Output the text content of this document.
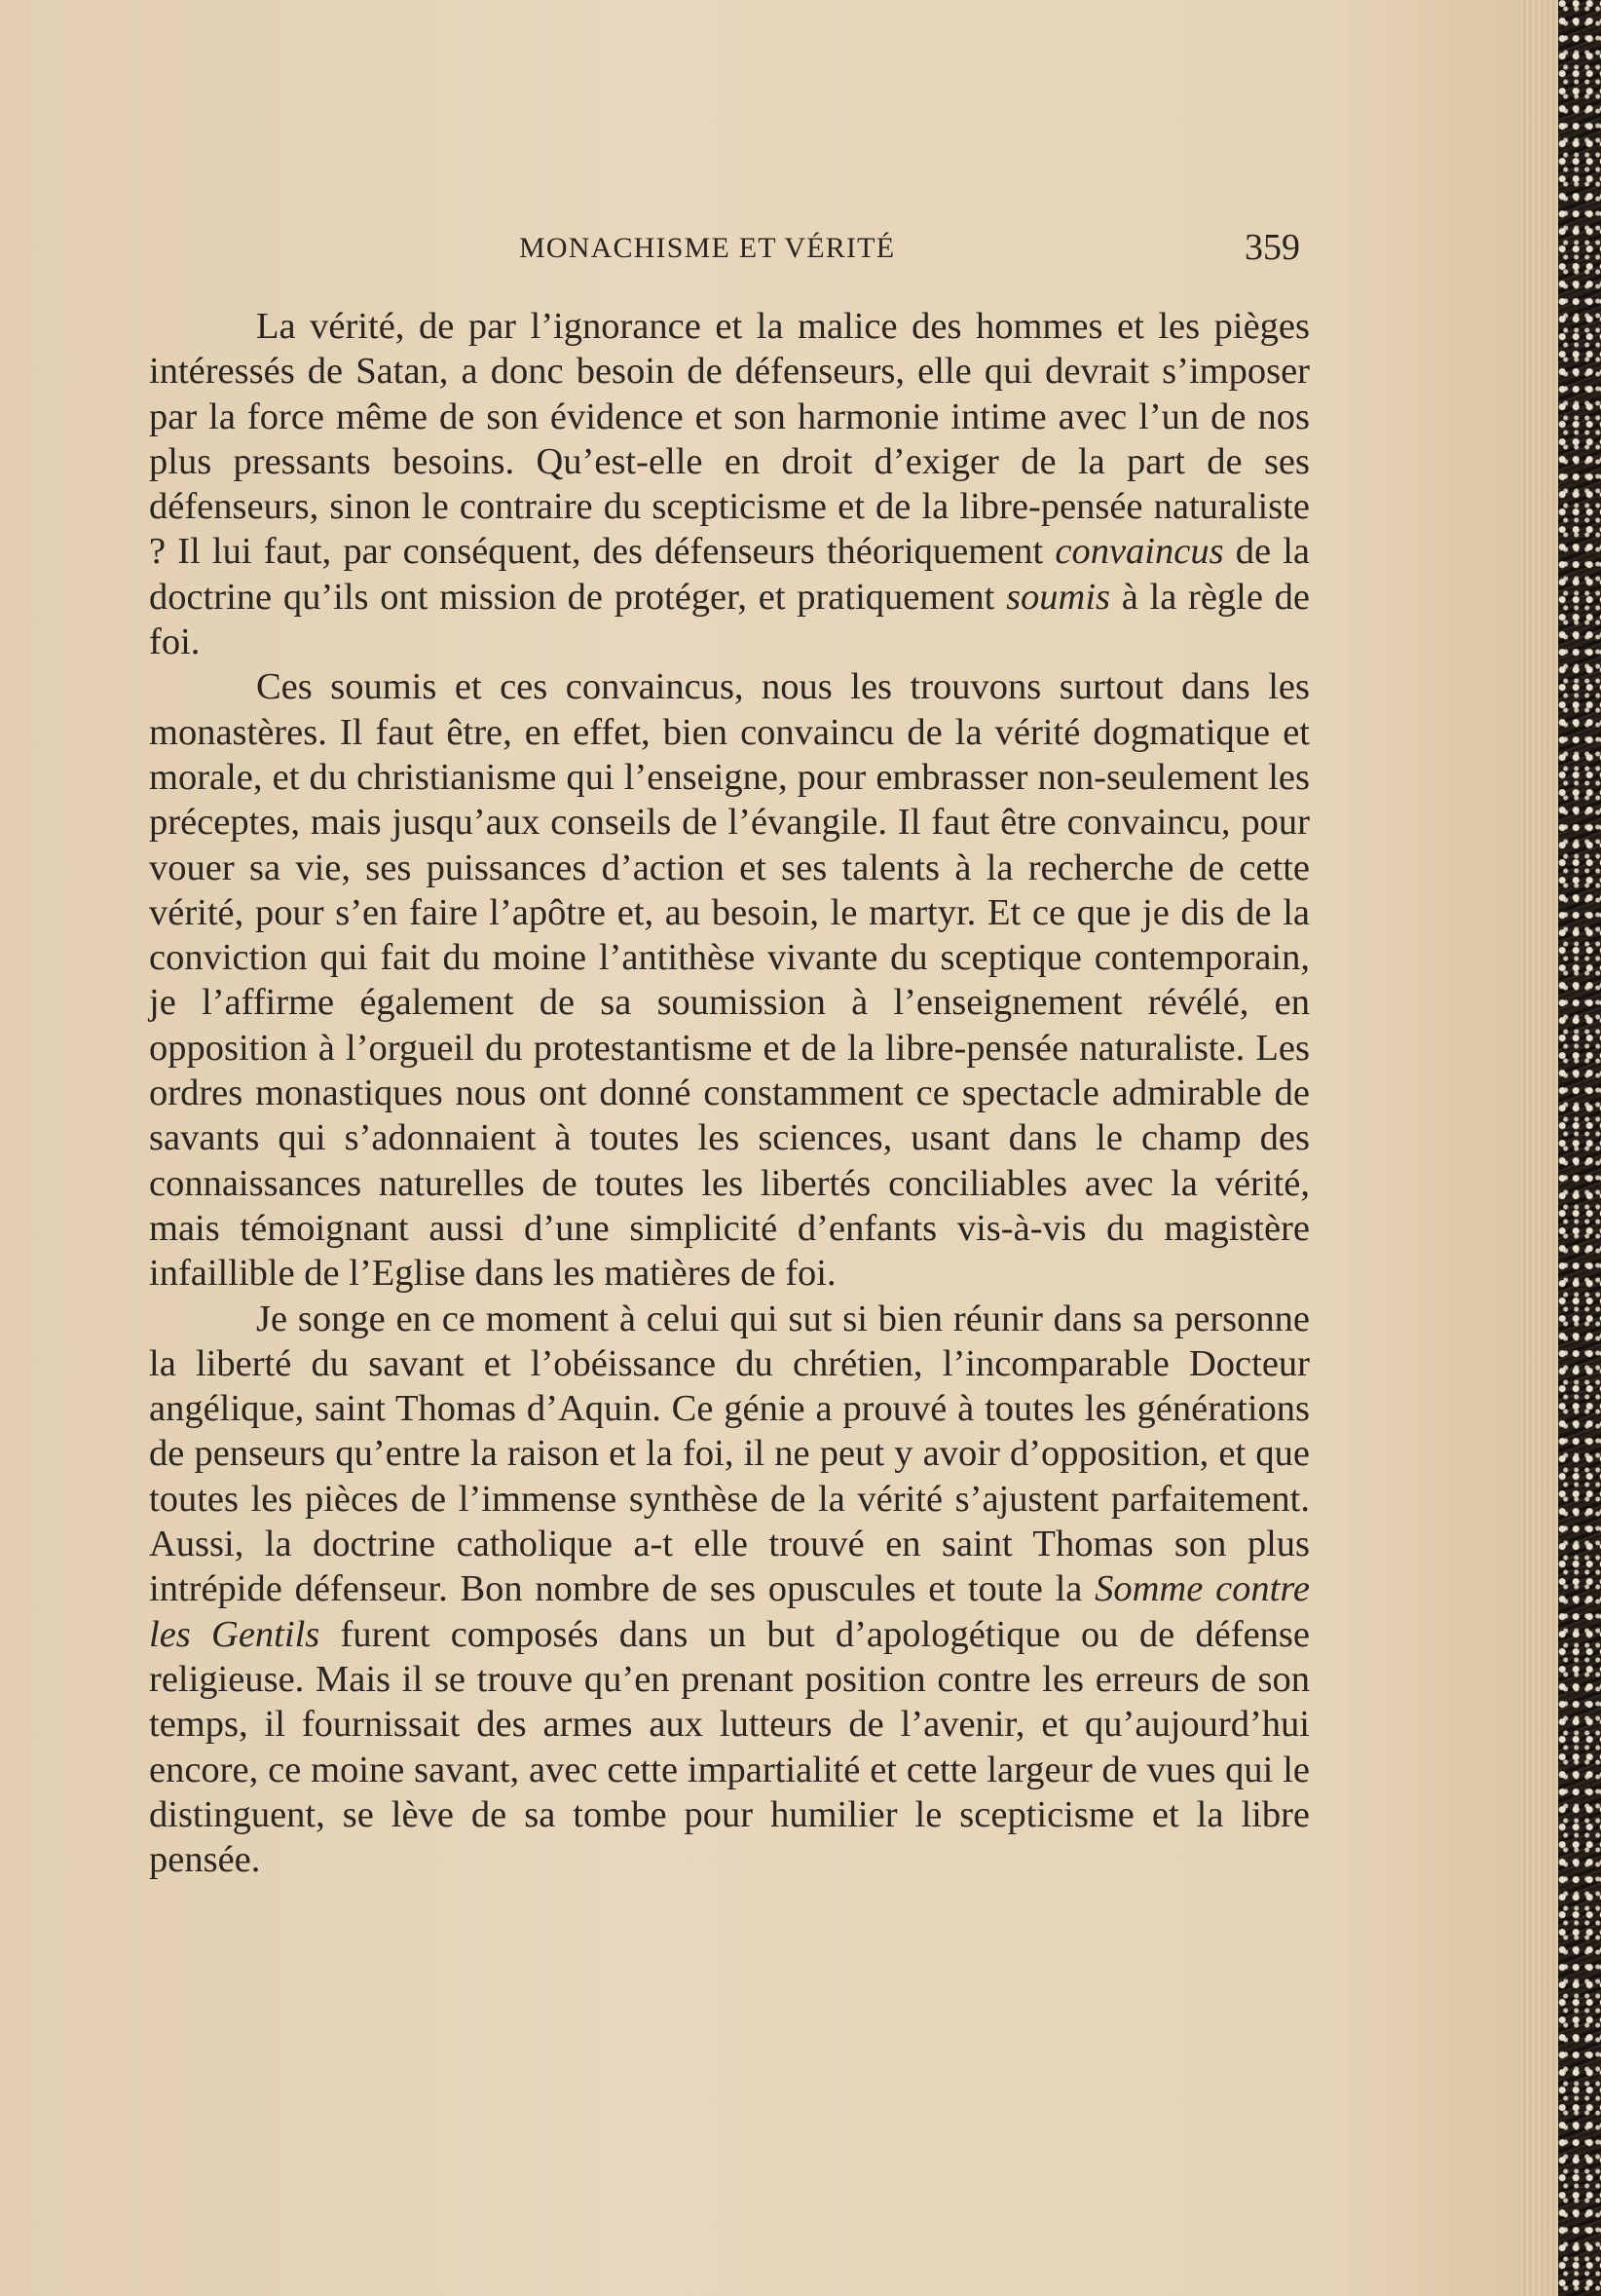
MONACHISME ET VÉRITÉ	359

La vérité, de par l’ignorance et la malice des hommes et les pièges intéressés de Satan, a donc besoin de défenseurs, elle qui devrait s’imposer par la force même de son évidence et son harmonie intime avec l’un de nos plus pressants besoins. Qu’est-elle en droit d’exiger de la part de ses défenseurs, sinon le contraire du scepticisme et de la libre-pensée naturaliste ? Il lui faut, par conséquent, des défenseurs théoriquement convaincus de la doctrine qu’ils ont mission de protéger, et pratiquement soumis à la règle de foi.

Ces soumis et ces convaincus, nous les trouvons surtout dans les monastères. Il faut être, en effet, bien convaincu de la vérité dogmatique et morale, et du christianisme qui l’enseigne, pour embrasser non-seulement les préceptes, mais jusqu’aux conseils de l’évangile. Il faut être convaincu, pour vouer sa vie, ses puissances d’action et ses talents à la recherche de cette vérité, pour s’en faire l’apôtre et, au besoin, le martyr. Et ce que je dis de la conviction qui fait du moine l’antithèse vivante du sceptique contemporain, je l’affirme également de sa soumission à l’enseignement révélé, en opposition à l’orgueil du protestantisme et de la libre-pensée naturaliste. Les ordres monastiques nous ont donné constamment ce spectacle admirable de savants qui s’adonnaient à toutes les sciences, usant dans le champ des connaissances naturelles de toutes les libertés conciliables avec la vérité, mais témoignant aussi d’une simplicité d’enfants vis-à-vis du magistère infaillible de l’Eglise dans les matières de foi.

Je songe en ce moment à celui qui sut si bien réunir dans sa personne la liberté du savant et l’obéissance du chrétien, l’incomparable Docteur angélique, saint Thomas d’Aquin. Ce génie a prouvé à toutes les générations de penseurs qu’entre la raison et la foi, il ne peut y avoir d’opposition, et que toutes les pièces de l’immense synthèse de la vérité s’ajustent parfaitement. Aussi, la doctrine catholique a-t elle trouvé en saint Thomas son plus intrépide défenseur. Bon nombre de ses opuscules et toute la Somme contre les Gentils furent composés dans un but d’apologétique ou de défense religieuse. Mais il se trouve qu’en prenant position contre les erreurs de son temps, il fournissait des armes aux lutteurs de l’avenir, et qu’aujourd’hui encore, ce moine savant, avec cette impartialité et cette largeur de vues qui le distinguent, se lève de sa tombe pour humilier le scepticisme et la libre pensée.
